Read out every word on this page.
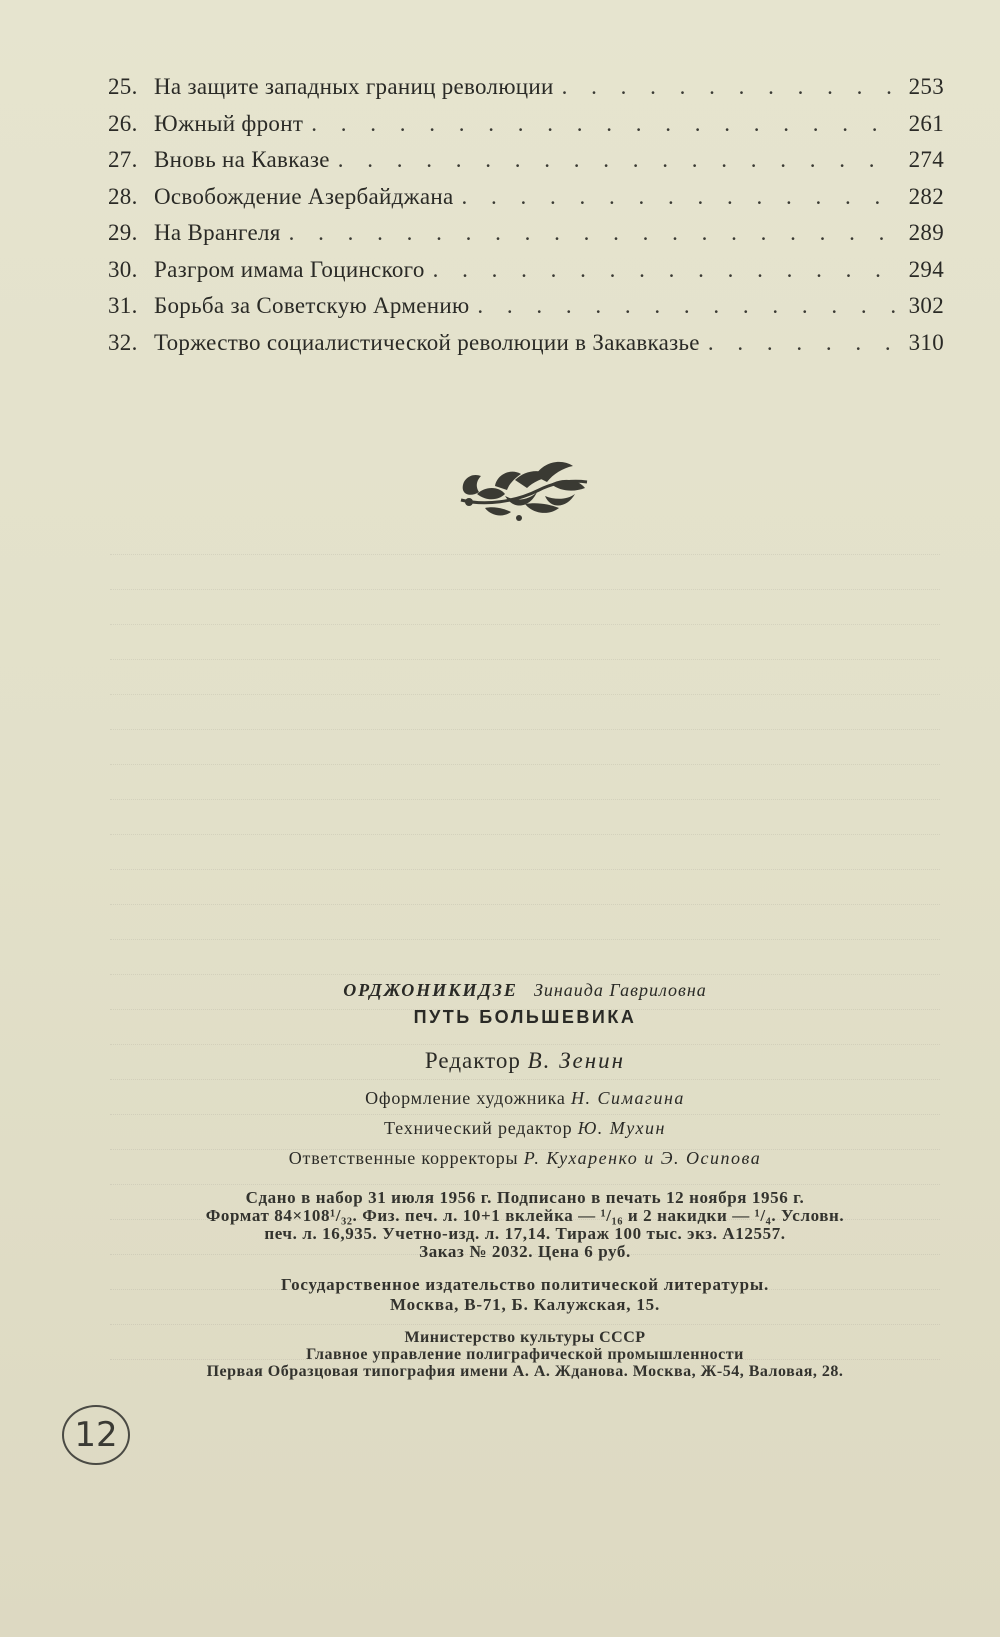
25. На защите западных границ революции . . .	253
26. Южный фронт . . .	261
27. Вновь на Кавказе . . .	274
28. Освобождение Азербайджана . . .	282
29. На Врангеля . . .	289
30. Разгром имама Гоцинского . . .	294
31. Борьба за Советскую Армению . . .	302
32. Торжество социалистической революции в Закавказье . . .	310
ОРДЖОНИКИДЗЕ Зинаида Гавриловна
ПУТЬ БОЛЬШЕВИКА
Редактор В. Зенин
Оформление художника Н. Симагина
Технический редактор Ю. Мухин
Ответственные корректоры Р. Кухаренко и Э. Осипова

Сдано в набор 31 июля 1956 г. Подписано в печать 12 ноября 1956 г.

Формат 84×108¹/₃₂. Физ. печ. л. 10+1 вклейка — ¹/₁₆ и 2 накидки — ¹/₄. Условн.

печ. л. 16,935. Учетно-изд. л. 17,14. Тираж 100 тыс. экз. А12557.

Заказ № 2032. Цена 6 руб.

Государственное издательство политической литературы.

Москва, В-71, Б. Калужская, 15.

Министерство культуры СССР

Главное управление полиграфической промышленности

Первая Образцовая типография имени А. А. Жданова. Москва, Ж-54, Валовая, 28.

12
